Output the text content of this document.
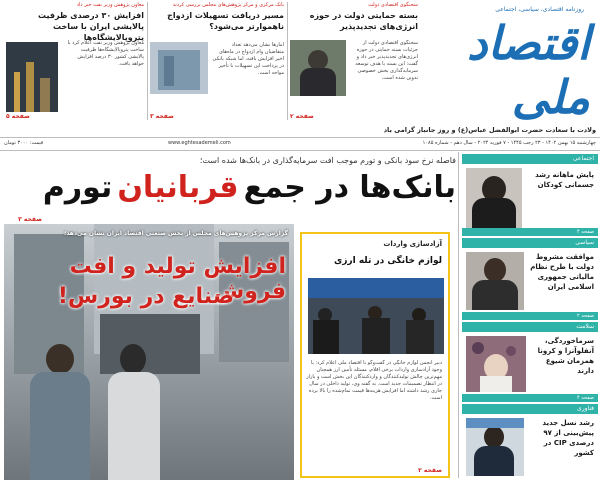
روزنامه اقتصادی، سیاسی، اجتماعی
اقتصاد ملی
ولادت با سعادت حضرت ابوالفضل عباس(ع) و روز جانباز گرامی باد
سخنگوی اقتصادی دولت
بسته حمایتی دولت در حوزه انرژی‌های تجدیدپذیر
سخنگوی اقتصادی دولت از جزئیات بسته حمایتی در حوزه انرژی‌های تجدیدپذیر خبر داد و گفت: این بسته با هدف توسعه سرمایه‌گذاری بخش خصوصی تدوین شده است.
صفحه ۲
بانک مرکزی و مرکز پژوهش‌های مجلس بررسی کردند
مسیر دریافت تسهیلات ازدواج ناهموارتر می‌شود؟
آمارها نشان می‌دهد تعداد متقاضیان وام ازدواج در ماه‌های اخیر افزایش یافته، اما شبکه بانکی در پرداخت این تسهیلات با تأخیر مواجه است.
صفحه ۳
معاون پژوهش وزیر نفت خبر داد
افزایش ۳۰ درصدی ظرفیت پالایشی ایران با ساخت پتروپالایشگاه‌ها
معاون پژوهش وزیر نفت اعلام کرد با ساخت پتروپالایشگاه‌ها ظرفیت پالایشی کشور ۳۰ درصد افزایش خواهد یافت.
صفحه ۵
چهارشنبه ۱۵ بهمن ۱۴۰۲ - ۲۳ رجب ۱۴۴۵ - ۷ فوریه ۲۰۲۴ - سال دهم - شماره ۱۰۸۵
www.eghtesademeli.com
قیمت: ۳۰۰۰ تومان
فاصله نرخ سود بانکی و تورم موجب افت سرمایه‌گذاری در بانک‌ها شده است؛
بانک‌ها در جمع قربانیان تورم
صفحه ۳
گزارش مرکز پژوهش‌های مجلس از بخش صنعتی اقتصاد ایران نشان می‌دهد؛
افزایش تولید و افت فروش
صنایع در بورس!
آزادسازی واردات
لوازم خانگی در تله ارزی
دبیر انجمن لوازم خانگی در گفت‌وگو با اقتصاد ملی اعلام کرد: با وجود آزادسازی واردات برخی اقلام، مسئله تأمین ارز همچنان مهم‌ترین چالش تولیدکنندگان و واردکنندگان این بخش است و بازار در انتظار تصمیمات جدید است. به گفته وی، تولید داخلی در سال جاری رشد داشته اما افزایش هزینه‌ها قیمت تمام‌شده را بالا برده است.
صفحه ۲
اجتماعی
پایش ماهانه رشد جسمانی کودکان
صفحه ۴
سیاسی
موافقت مشروط دولت با طرح نظام مالیاتی جمهوری اسلامی ایران
صفحه ۲
سلامت
سرماخوردگی، آنفلوآنزا و کرونا همزمان شیوع دارند
صفحه ۴
فناوری
رشد نسل جدید پیش‌بینی از ۹۷ درصدی CIP در کشور
